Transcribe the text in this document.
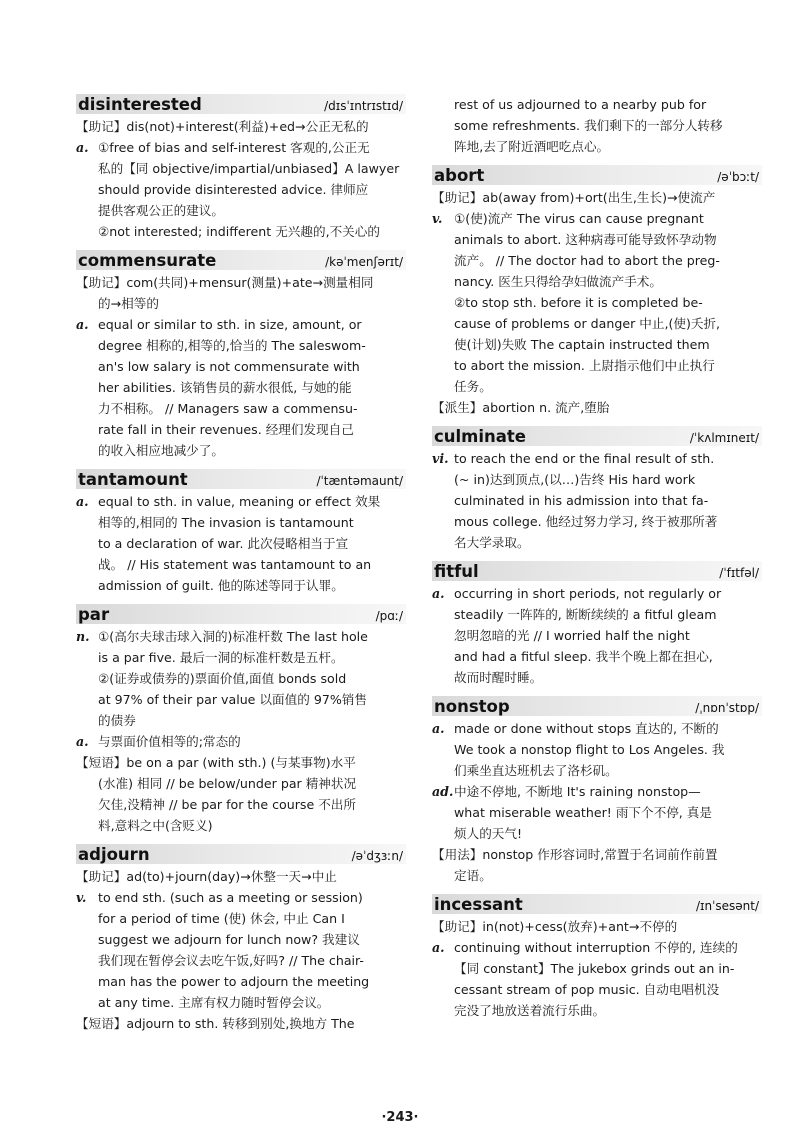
disinterested	/dɪsˈɪntrɪstɪd/
【助记】dis(not)+interest(利益)+ed→公正无私的
a. ①free of bias and self-interest 客观的,公正无
私的【同 objective/impartial/unbiased】A lawyer
should provide disinterested advice. 律师应
提供客观公正的建议。
②not interested; indifferent 无兴趣的,不关心的
commensurate	/kəˈmenʃərɪt/
【助记】com(共同)+mensur(测量)+ate→测量相同
的→相等的
a. equal or similar to sth. in size, amount, or
degree 相称的,相等的,恰当的 The saleswom-
an's low salary is not commensurate with
her abilities. 该销售员的薪水很低, 与她的能
力不相称。 // Managers saw a commensu-
rate fall in their revenues. 经理们发现自己
的收入相应地减少了。
tantamount	/ˈtæntəmaunt/
a. equal to sth. in value, meaning or effect 效果
相等的,相同的 The invasion is tantamount
to a declaration of war. 此次侵略相当于宣
战。 // His statement was tantamount to an
admission of guilt. 他的陈述等同于认罪。
par	/pɑː/
n. ①(高尔夫球击球入洞的)标准杆数 The last hole
is a par five. 最后一洞的标准杆数是五杆。
②(证券或债券的)票面价值,面值 bonds sold
at 97% of their par value 以面值的 97%销售
的债券
a. 与票面价值相等的;常态的
【短语】be on a par (with sth.) (与某事物)水平
(水准) 相同 // be below/under par 精神状况
欠佳,没精神 // be par for the course 不出所
料,意料之中(含贬义)
adjourn	/əˈdʒɜːn/
【助记】ad(to)+journ(day)→休整一天→中止
v. to end sth. (such as a meeting or session)
for a period of time (使) 休会, 中止 Can I
suggest we adjourn for lunch now? 我建议
我们现在暂停会议去吃午饭,好吗? // The chair-
man has the power to adjourn the meeting
at any time. 主席有权力随时暂停会议。
【短语】adjourn to sth. 转移到别处,换地方 The
rest of us adjourned to a nearby pub for
some refreshments. 我们剩下的一部分人转移
阵地,去了附近酒吧吃点心。
abort	/əˈbɔːt/
【助记】ab(away from)+ort(出生,生长)→使流产
v. ①(使)流产 The virus can cause pregnant
animals to abort. 这种病毒可能导致怀孕动物
流产。 // The doctor had to abort the preg-
nancy. 医生只得给孕妇做流产手术。
②to stop sth. before it is completed be-
cause of problems or danger 中止,(使)夭折,
使(计划)失败 The captain instructed them
to abort the mission. 上尉指示他们中止执行
任务。
【派生】abortion n. 流产,堕胎
culminate	/ˈkʌlmɪneɪt/
vi. to reach the end or the final result of sth.
(~ in)达到顶点,(以…)告终 His hard work
culminated in his admission into that fa-
mous college. 他经过努力学习, 终于被那所著
名大学录取。
fitful	/ˈfɪtfəl/
a. occurring in short periods, not regularly or
steadily 一阵阵的, 断断续续的 a fitful gleam
忽明忽暗的光 // I worried half the night
and had a fitful sleep. 我半个晚上都在担心,
故而时醒时睡。
nonstop	/ˌnɒnˈstɒp/
a. made or done without stops 直达的, 不断的
We took a nonstop flight to Los Angeles. 我
们乘坐直达班机去了洛杉矶。
ad.中途不停地, 不断地 It's raining nonstop—
what miserable weather! 雨下个不停, 真是
烦人的天气!
【用法】nonstop 作形容词时,常置于名词前作前置
定语。
incessant	/ɪnˈsesənt/
【助记】in(not)+cess(放弃)+ant→不停的
a. continuing without interruption 不停的, 连续的
【同 constant】The jukebox grinds out an in-
cessant stream of pop music. 自动电唱机没
完没了地放送着流行乐曲。
·243·
